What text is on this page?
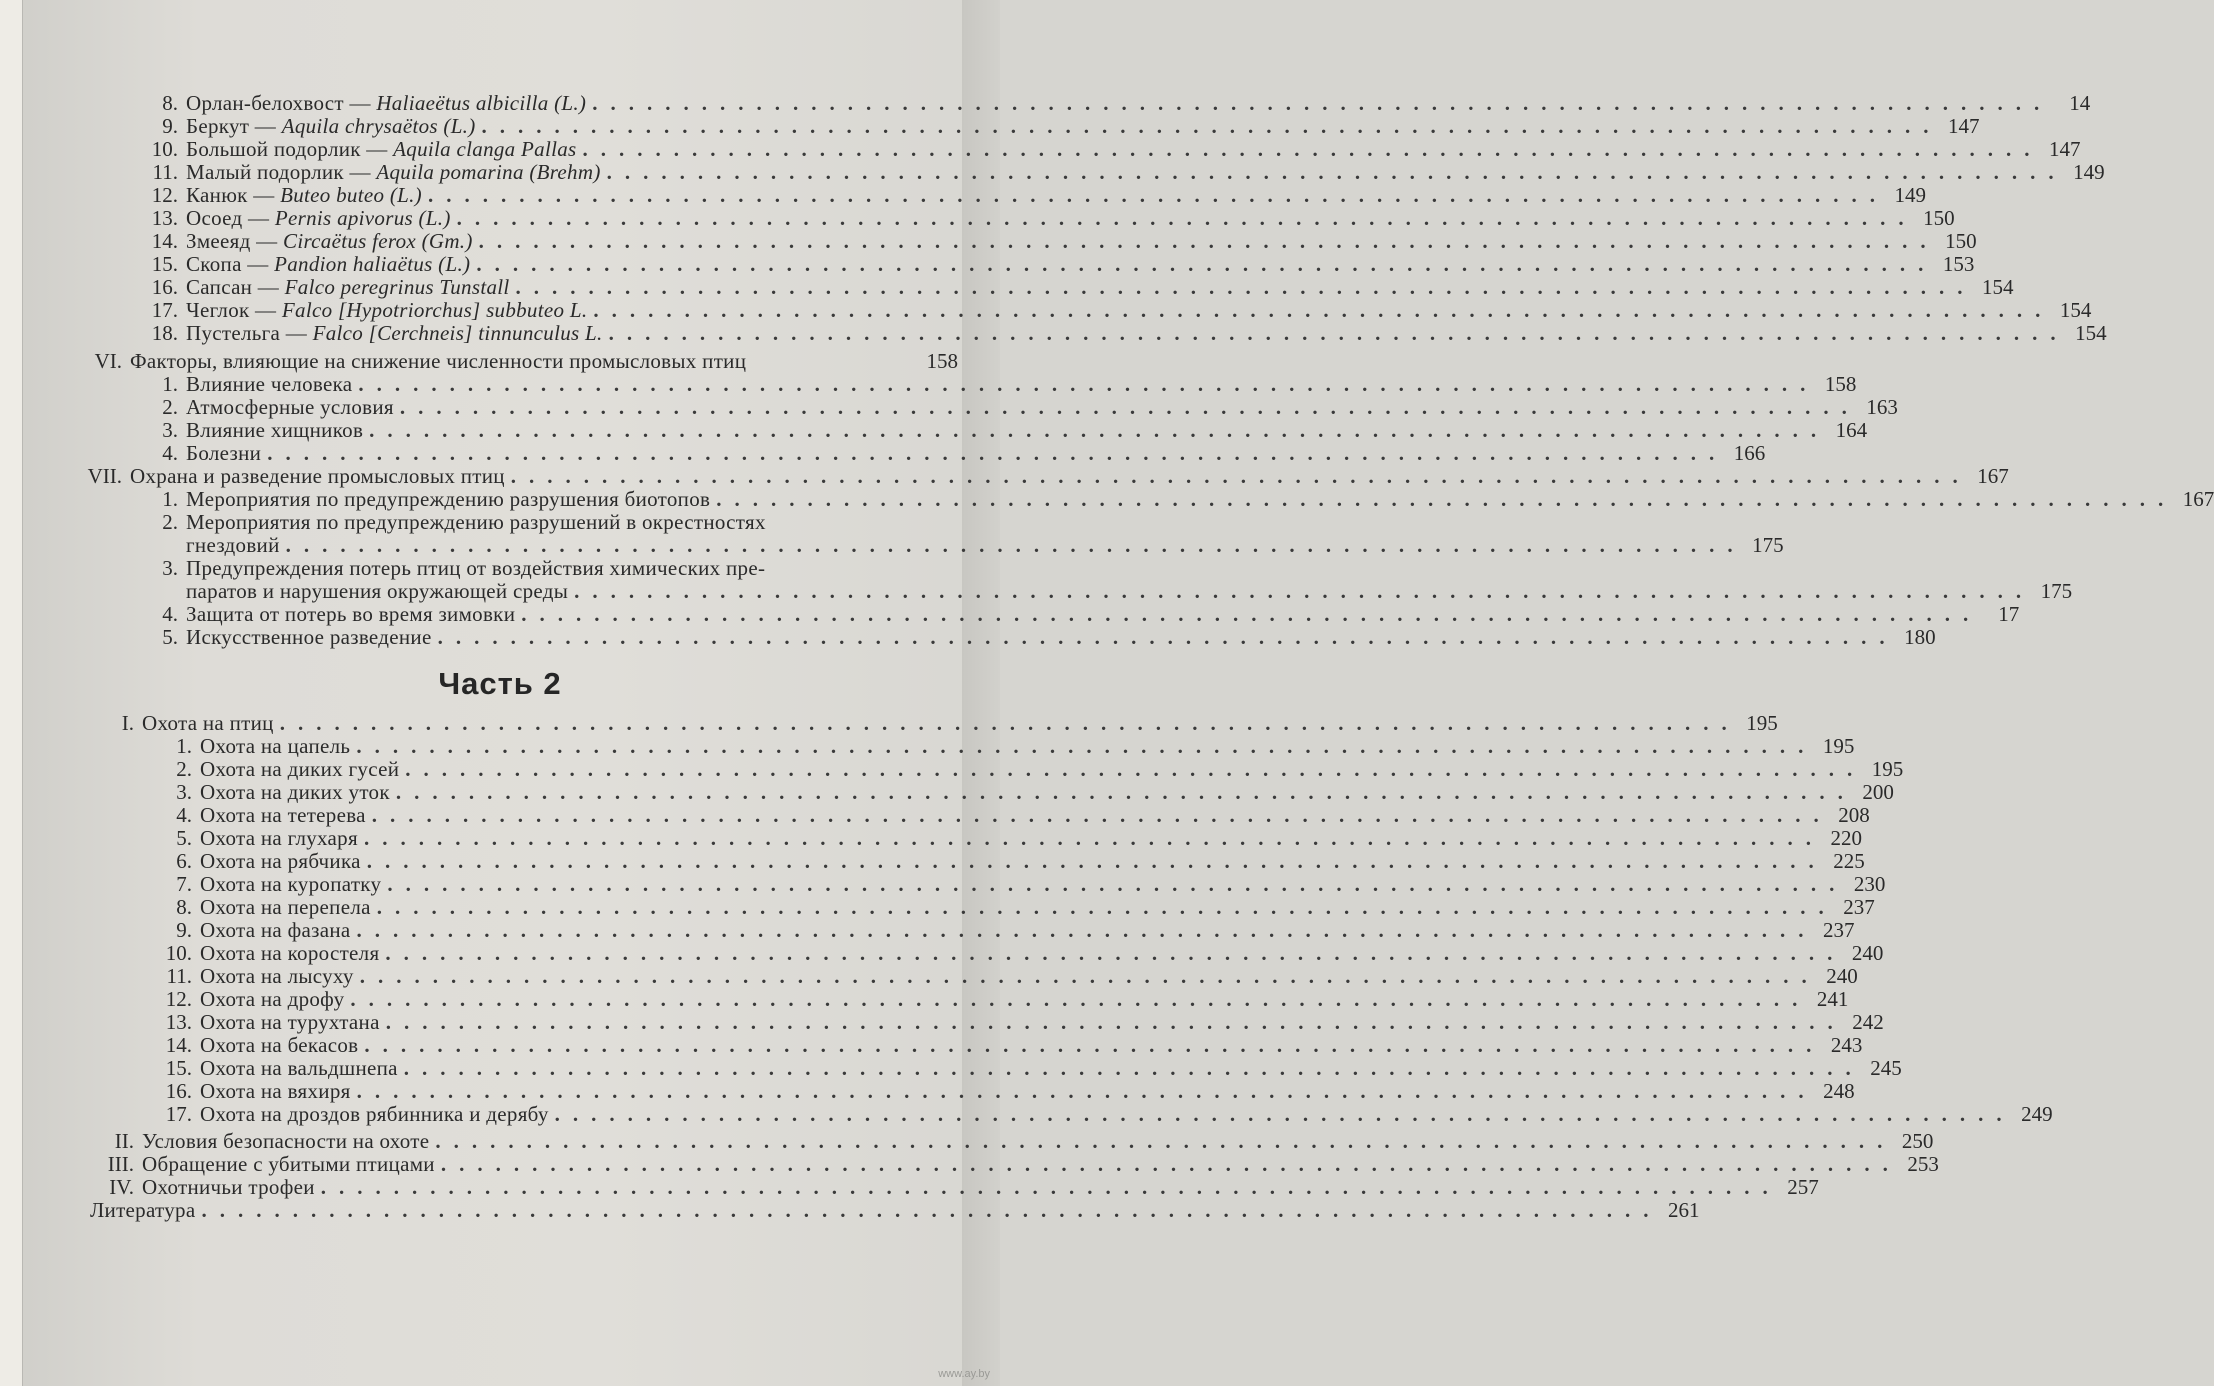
8. Орлан-белохвост — Haliaeëtus albicilla (L.) ................................................................................ 14
9. Беркут — Aquila chrysaëtos (L.) ................................................................................ 147
10. Большой подорлик — Aquila clanga Pallas ................................................................................ 147
11. Малый подорлик — Aquila pomarina (Brehm) ................................................................................ 149
12. Канюк — Buteo buteo (L.) ................................................................................ 149
13. Осоед — Pernis apivorus (L.) ................................................................................ 150
14. Змееяд — Circaëtus ferox (Gm.) ................................................................................ 150
15. Скопа — Pandion haliaëtus (L.) ................................................................................ 153
16. Сапсан — Falco peregrinus Tunstall ................................................................................ 154
17. Чеглок — Falco [Hypotriorchus] subbuteo L. ................................................................................ 154
18. Пустельга — Falco [Cerchneis] tinnunculus L. ................................................................................ 154
VI. Факторы, влияющие на снижение численности промысловых птиц	158
1. Влияние человека ................................................................................ 158
2. Атмосферные условия ................................................................................ 163
3. Влияние хищников ................................................................................ 164
4. Болезни ................................................................................ 166
VII. Охрана и разведение промысловых птиц ................................................................................ 167
1. Мероприятия по предупреждению разрушения биотопов ................................................................................ 167
2. Мероприятия по предупреждению разрушений в окрестностях
гнездовий ................................................................................ 175
3. Предупреждения потерь птиц от воздействия химических пре-
паратов и нарушения окружающей среды ................................................................................ 175
4. Защита от потерь во время зимовки ................................................................................ 17
5. Искусственное разведение ................................................................................ 180
I. Охота на птиц ................................................................................ 195
1. Охота на цапель ................................................................................ 195
2. Охота на диких гусей ................................................................................ 195
3. Охота на диких уток ................................................................................ 200
4. Охота на тетерева ................................................................................ 208
5. Охота на глухаря ................................................................................ 220
6. Охота на рябчика ................................................................................ 225
7. Охота на куропатку ................................................................................ 230
8. Охота на перепела ................................................................................ 237
9. Охота на фазана ................................................................................ 237
10. Охота на коростеля ................................................................................ 240
11. Охота на лысуху ................................................................................ 240
12. Охота на дрофу ................................................................................ 241
13. Охота на турухтана ................................................................................ 242
14. Охота на бекасов ................................................................................ 243
15. Охота на вальдшнепа ................................................................................ 245
16. Охота на вяхиря ................................................................................ 248
17. Охота на дроздов рябинника и дерябу ................................................................................ 249
II. Условия безопасности на охоте ................................................................................ 250
III. Обращение с убитыми птицами ................................................................................ 253
IV. Охотничьи трофеи ................................................................................ 257
Литература ................................................................................ 261
Часть 2
www.ay.by
